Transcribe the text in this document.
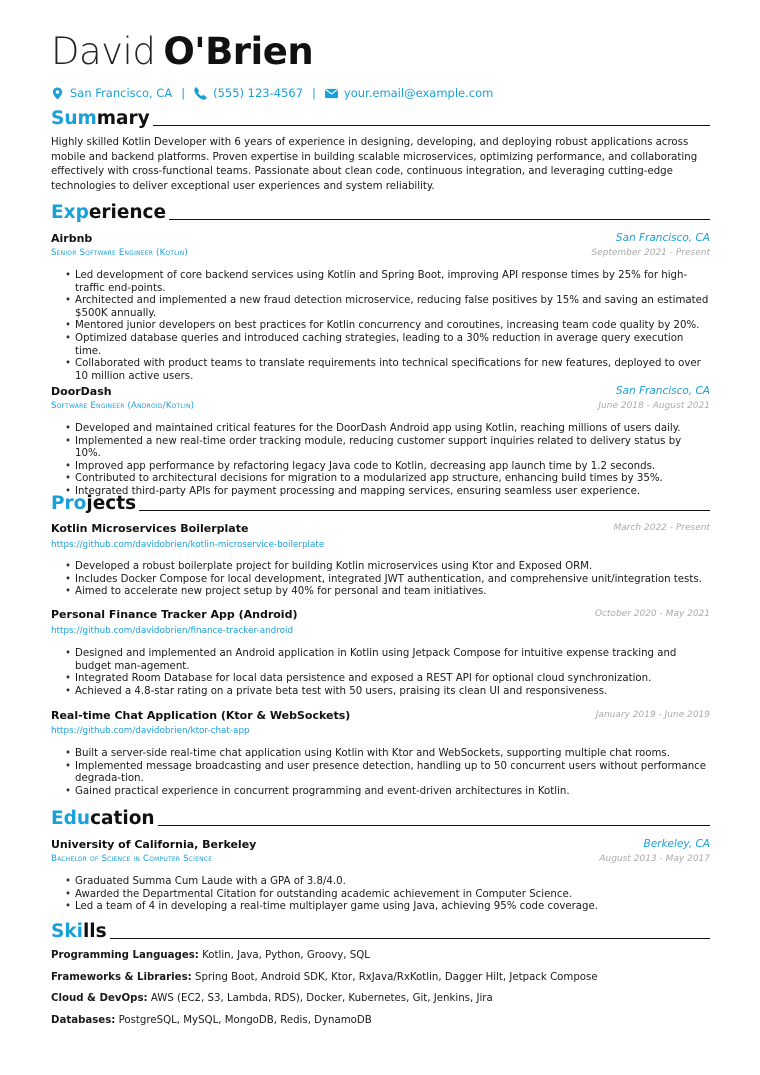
David O'Brien
San Francisco, CA | (555) 123-4567 | your.email@example.com
Summary
Highly skilled Kotlin Developer with 6 years of experience in designing, developing, and deploying robust applications across mobile and backend platforms. Proven expertise in building scalable microservices, optimizing performance, and collaborating effectively with cross-functional teams. Passionate about clean code, continuous integration, and leveraging cutting-edge technologies to deliver exceptional user experiences and system reliability.
Experience
Airbnb	San Francisco, CA
Senior Software Engineer (Kotlin)	September 2021 - Present
• Led development of core backend services using Kotlin and Spring Boot, improving API response times by 25% for high-traffic end-points.
• Architected and implemented a new fraud detection microservice, reducing false positives by 15% and saving an estimated $500K annually.
• Mentored junior developers on best practices for Kotlin concurrency and coroutines, increasing team code quality by 20%.
• Optimized database queries and introduced caching strategies, leading to a 30% reduction in average query execution time.
• Collaborated with product teams to translate requirements into technical specifications for new features, deployed to over 10 million active users.
DoorDash	San Francisco, CA
Software Engineer (Android/Kotlin)	June 2018 - August 2021
• Developed and maintained critical features for the DoorDash Android app using Kotlin, reaching millions of users daily.
• Implemented a new real-time order tracking module, reducing customer support inquiries related to delivery status by 10%.
• Improved app performance by refactoring legacy Java code to Kotlin, decreasing app launch time by 1.2 seconds.
• Contributed to architectural decisions for migration to a modularized app structure, enhancing build times by 35%.
• Integrated third-party APIs for payment processing and mapping services, ensuring seamless user experience.
Projects
Kotlin Microservices Boilerplate	March 2022 - Present
https://github.com/davidobrien/kotlin-microservice-boilerplate
• Developed a robust boilerplate project for building Kotlin microservices using Ktor and Exposed ORM.
• Includes Docker Compose for local development, integrated JWT authentication, and comprehensive unit/integration tests.
• Aimed to accelerate new project setup by 40% for personal and team initiatives.
Personal Finance Tracker App (Android)	October 2020 - May 2021
https://github.com/davidobrien/finance-tracker-android
• Designed and implemented an Android application in Kotlin using Jetpack Compose for intuitive expense tracking and budget man-agement.
• Integrated Room Database for local data persistence and exposed a REST API for optional cloud synchronization.
• Achieved a 4.8-star rating on a private beta test with 50 users, praising its clean UI and responsiveness.
Real-time Chat Application (Ktor & WebSockets)	January 2019 - June 2019
https://github.com/davidobrien/ktor-chat-app
• Built a server-side real-time chat application using Kotlin with Ktor and WebSockets, supporting multiple chat rooms.
• Implemented message broadcasting and user presence detection, handling up to 50 concurrent users without performance degrada-tion.
• Gained practical experience in concurrent programming and event-driven architectures in Kotlin.
Education
University of California, Berkeley	Berkeley, CA
Bachelor of Science in Computer Science	August 2013 - May 2017
• Graduated Summa Cum Laude with a GPA of 3.8/4.0.
• Awarded the Departmental Citation for outstanding academic achievement in Computer Science.
• Led a team of 4 in developing a real-time multiplayer game using Java, achieving 95% code coverage.
Skills
Programming Languages: Kotlin, Java, Python, Groovy, SQL
Frameworks & Libraries: Spring Boot, Android SDK, Ktor, RxJava/RxKotlin, Dagger Hilt, Jetpack Compose
Cloud & DevOps: AWS (EC2, S3, Lambda, RDS), Docker, Kubernetes, Git, Jenkins, Jira
Databases: PostgreSQL, MySQL, MongoDB, Redis, DynamoDB
